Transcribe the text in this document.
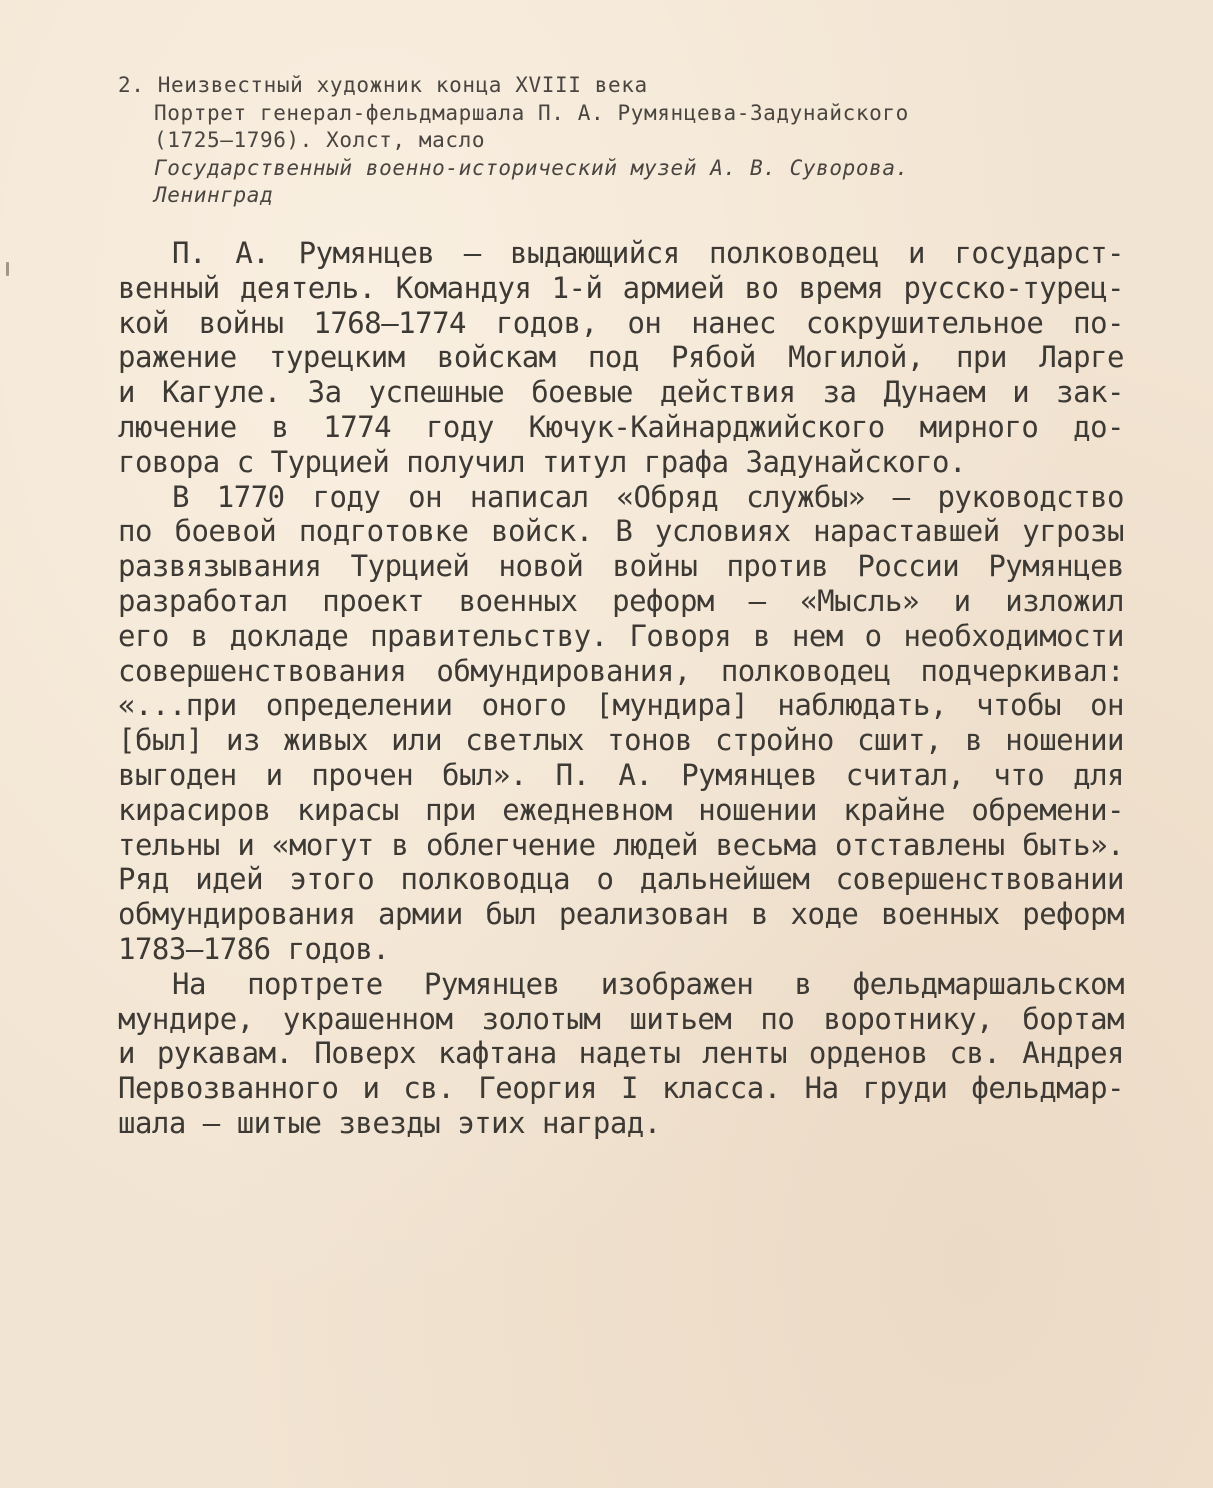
2. Неизвестный художник конца XVIII века
Портрет генерал-фельдмаршала П. А. Румянцева-Задунайского
(1725—1796). Холст, масло
Государственный военно-исторический музей А. В. Суворова.
Ленинград
П. А. Румянцев — выдающийся полководец и государст-
венный деятель. Командуя 1-й армией во время русско-турец-
кой войны 1768—1774 годов, он нанес сокрушительное по-
ражение турецким войскам под Рябой Могилой, при Ларге
и Кагуле. За успешные боевые действия за Дунаем и зак-
лючение в 1774 году Кючук-Кайнарджийского мирного до-
говора с Турцией получил титул графа Задунайского.
В 1770 году он написал «Обряд службы» — руководство
по боевой подготовке войск. В условиях нараставшей угрозы
развязывания Турцией новой войны против России Румянцев
разработал проект военных реформ — «Мысль» и изложил
его в докладе правительству. Говоря в нем о необходимости
совершенствования обмундирования, полководец подчеркивал:
«...при определении оного [мундира] наблюдать, чтобы он
[был] из живых или светлых тонов стройно сшит, в ношении
выгоден и прочен был». П. А. Румянцев считал, что для
кирасиров кирасы при ежедневном ношении крайне обремени-
тельны и «могут в облегчение людей весьма отставлены быть».
Ряд идей этого полководца о дальнейшем совершенствовании
обмундирования армии был реализован в ходе военных реформ
1783—1786 годов.
На портрете Румянцев изображен в фельдмаршальском
мундире, украшенном золотым шитьем по воротнику, бортам
и рукавам. Поверх кафтана надеты ленты орденов св. Андрея
Первозванного и св. Георгия I класса. На груди фельдмар-
шала — шитые звезды этих наград.
